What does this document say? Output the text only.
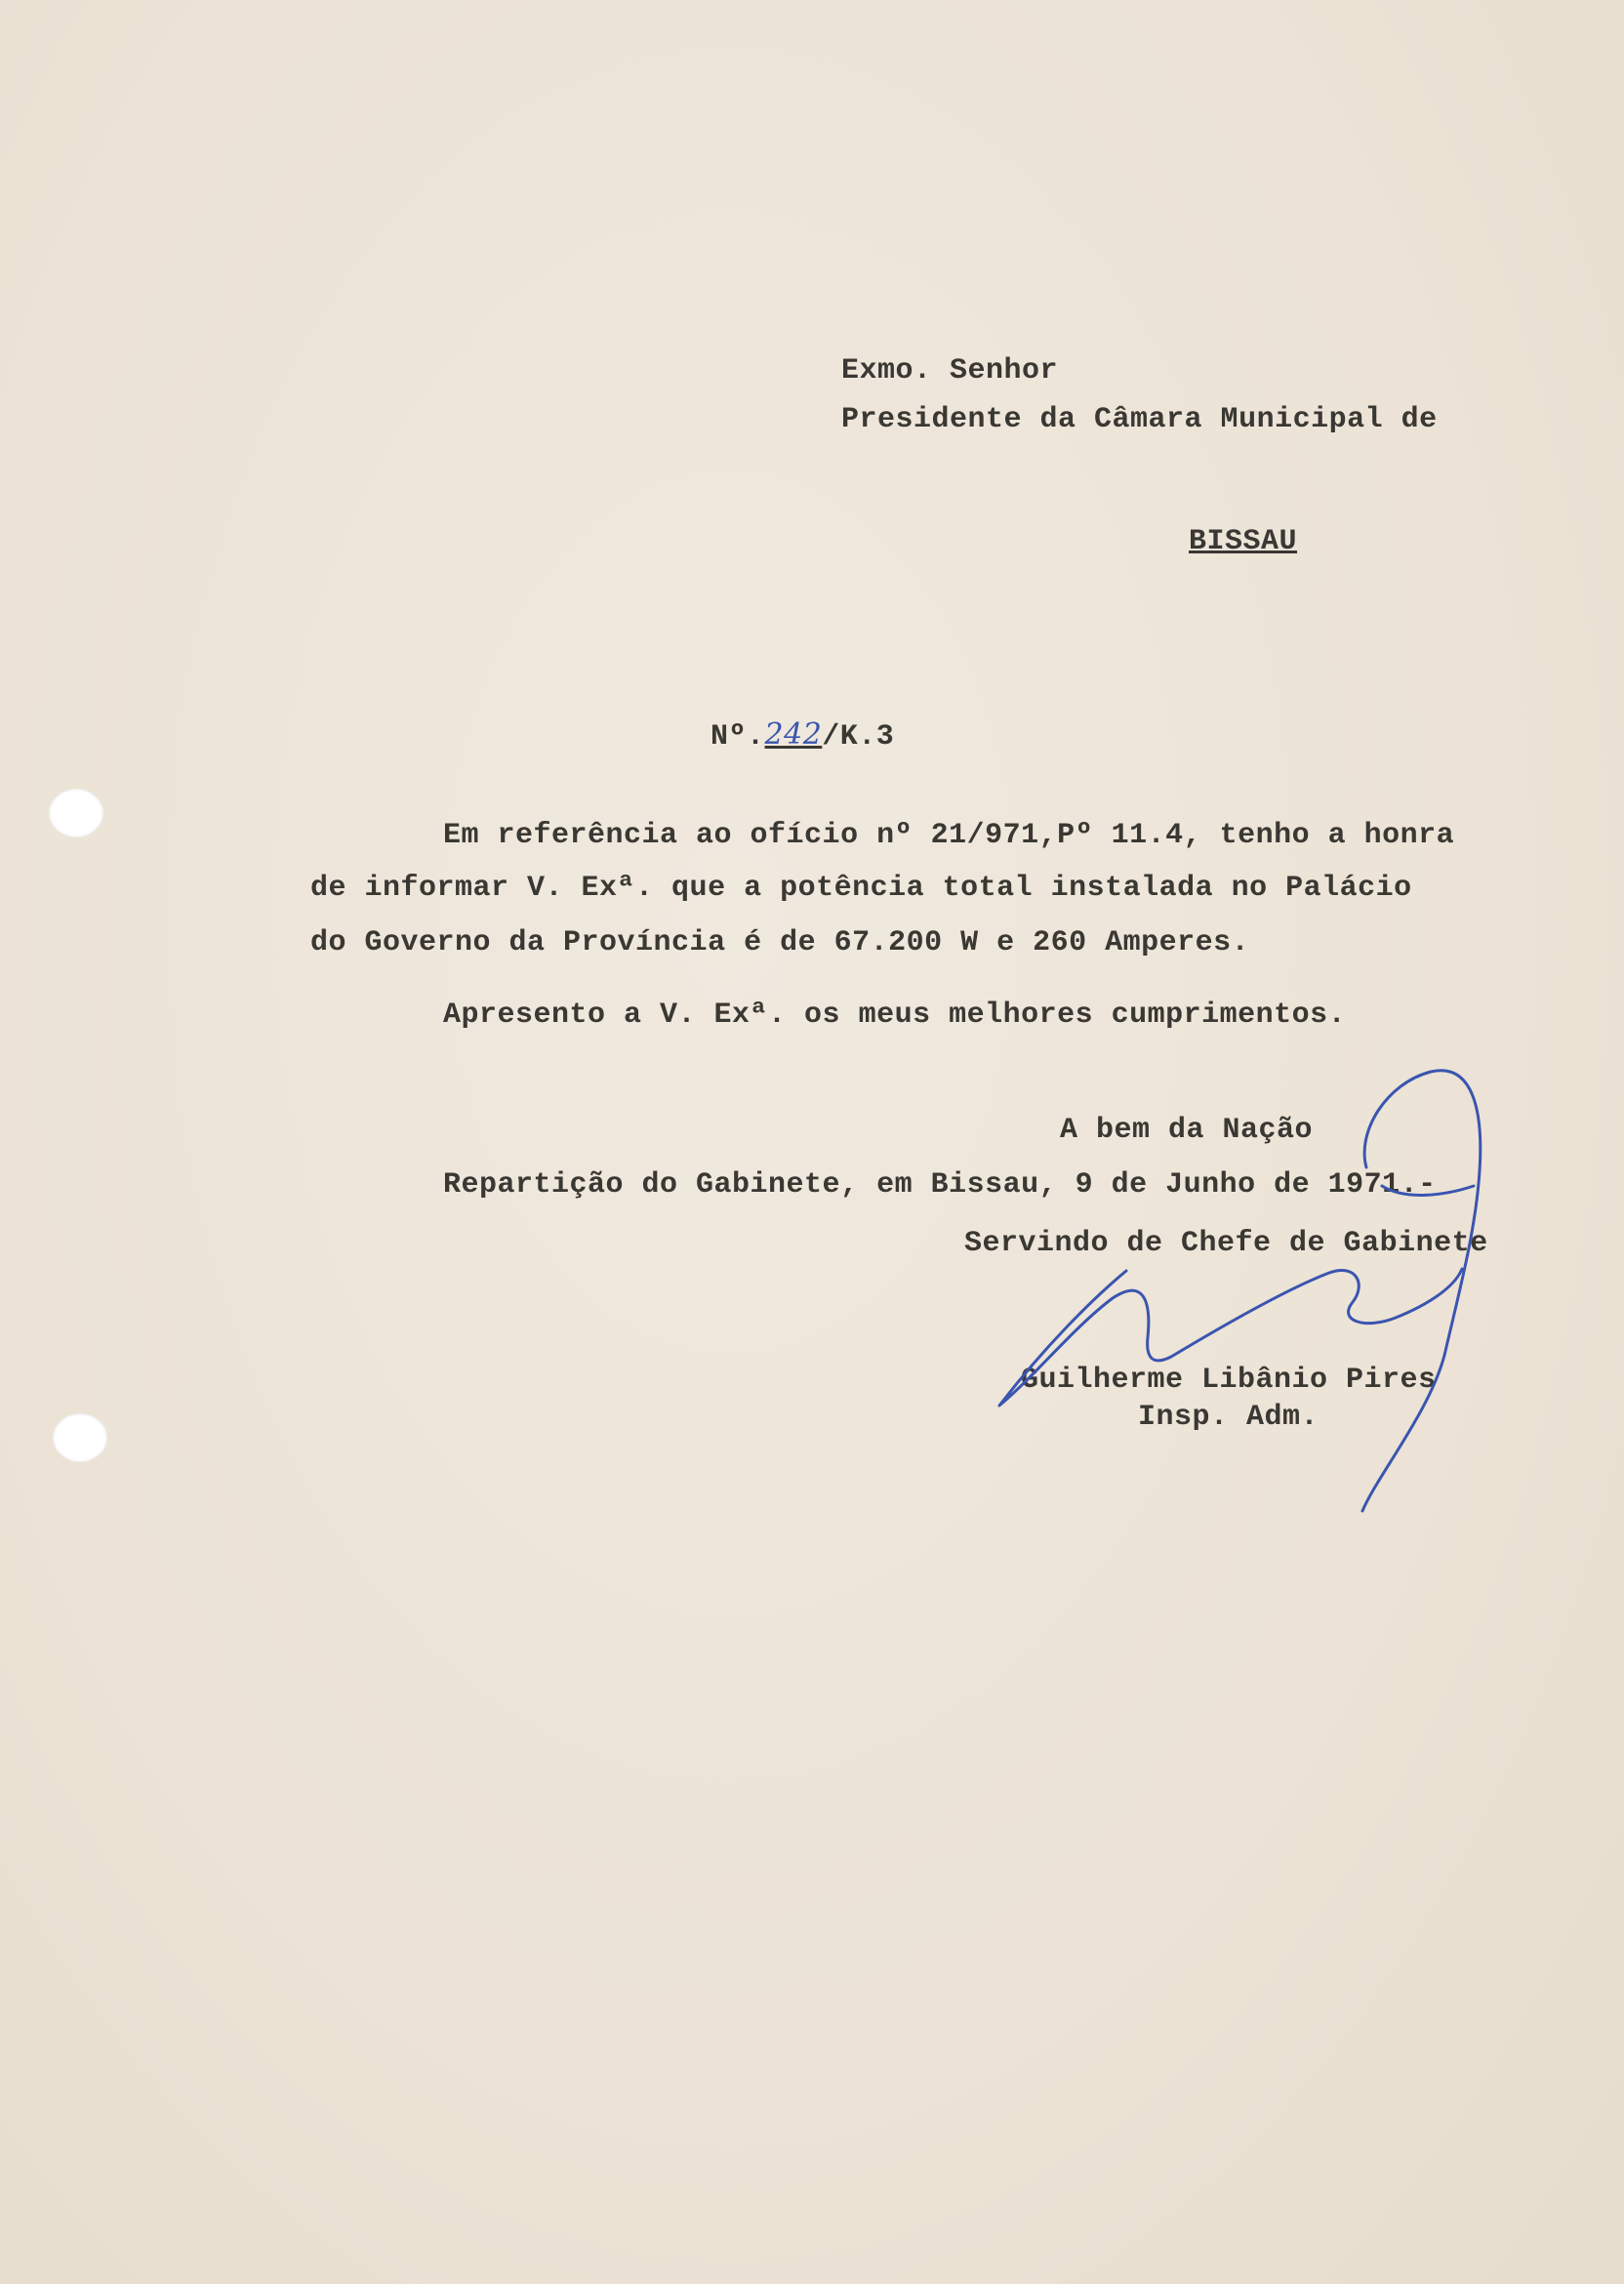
Exmo. Senhor
Presidente da Câmara Municipal de
BISSAU
Nº.242/K.3
Em referência ao ofício nº 21/971,Pº 11.4, tenho a honra
de informar V. Exª. que a potência total instalada no Palácio
do Governo da Província é de 67.200 W e 260 Amperes.
Apresento a V. Exª. os meus melhores cumprimentos.
A bem da Nação
Repartição do Gabinete, em Bissau, 9 de Junho de 1971.-
Servindo de Chefe de Gabinete
Guilherme Libânio Pires
Insp. Adm.
